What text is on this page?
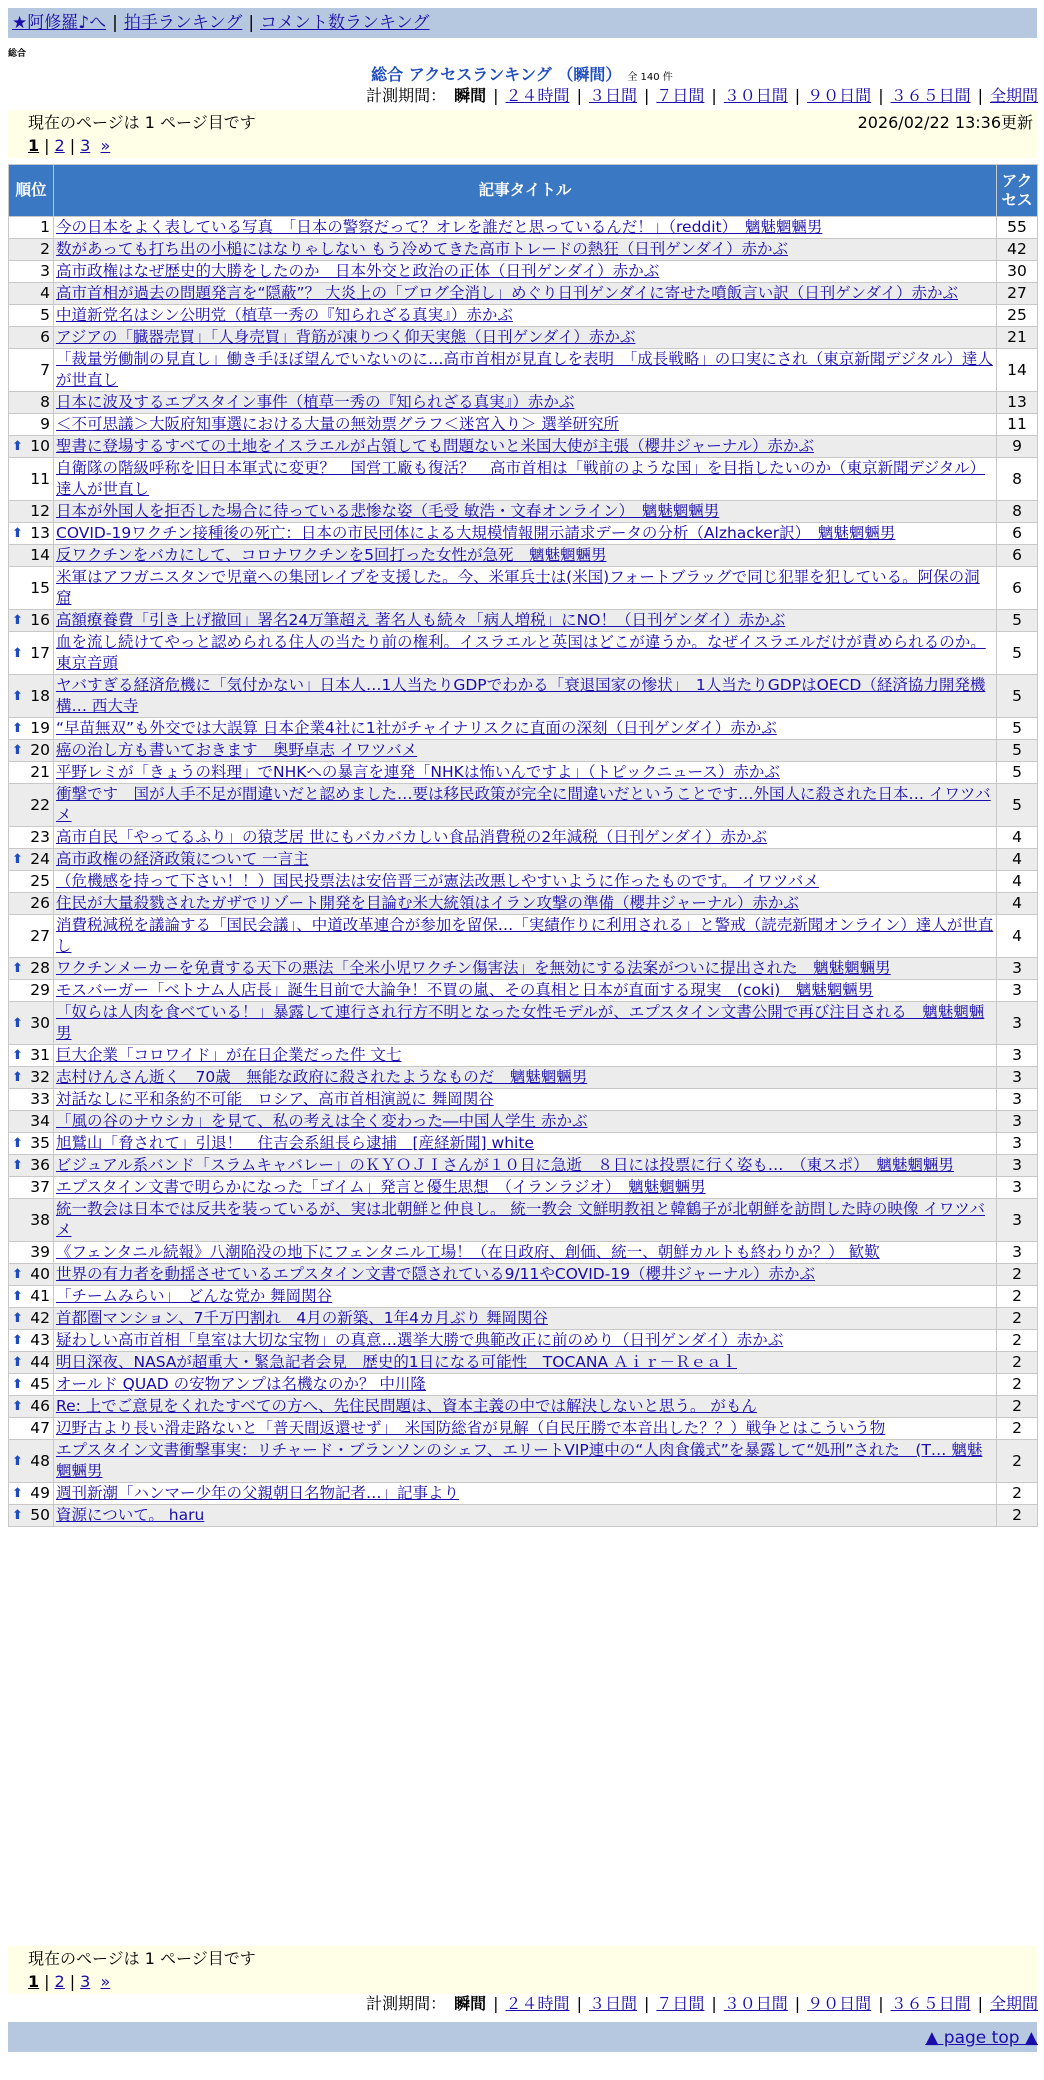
★阿修羅♪へ | 拍手ランキング | コメント数ランキング
総合
総合 アクセスランキング （瞬間） 全 140 件
計測期間： 瞬間 | ２４時間 | ３日間 | ７日間 | ３０日間 | ９０日間 | ３６５日間 | 全期間
現在のページは 1 ページ目です	2026/02/22 13:36更新
1 | 2 | 3 »
順位	記事タイトル	アクセス
1	今の日本をよく表している写真　「日本の警察だって？オレを誰だと思っているんだ！」（reddit）　魑魅魍魎男	55
2	数があっても打ち出の小槌にはなりゃしない もう冷めてきた高市トレードの熱狂（日刊ゲンダイ）赤かぶ	42
3	高市政権はなぜ歴史的大勝をしたのか　日本外交と政治の正体（日刊ゲンダイ）赤かぶ	30
4	高市首相が過去の問題発言を“隠蔽”？ 大炎上の「ブログ全消し」めぐり日刊ゲンダイに寄せた噴飯言い訳（日刊ゲンダイ）赤かぶ	27
5	中道新党名はシン公明党（植草一秀の『知られざる真実』）赤かぶ	25
6	アジアの「臓器売買」「人身売買」背筋が凍りつく仰天実態（日刊ゲンダイ）赤かぶ	21
7	「裁量労働制の見直し」働き手ほぼ望んでいないのに…高市首相が見直しを表明　「成長戦略」の口実にされ（東京新聞デジタル）達人が世直し	14
8	日本に波及するエプスタイン事件（植草一秀の『知られざる真実』）赤かぶ	13
9	＜不可思議＞大阪府知事選における大量の無効票グラフ＜迷宮入り＞ 選挙研究所	11

⬆ 10	聖書に登場するすべての土地をイスラエルが占領しても問題ないと米国大使が主張（櫻井ジャーナル）赤かぶ	9
11	自衛隊の階級呼称を旧日本軍式に変更？　国営工廠も復活？　高市首相は「戦前のような国」を目指したいのか（東京新聞デジタル）達人が世直し	8
12	日本が外国人を拒否した場合に待っている悲惨な姿（毛受 敏浩・文春オンライン）　魑魅魍魎男	8

⬆ 13	COVID-19ワクチン接種後の死亡：日本の市民団体による大規模情報開示請求データの分析（Alzhacker訳）　魑魅魍魎男	6
14	反ワクチンをバカにして、コロナワクチンを5回打った女性が急死　魑魅魍魎男	6
15	米軍はアフガニスタンで児童への集団レイプを支援した。今、米軍兵士は(米国)フォートブラッグで同じ犯罪を犯している。阿保の洞窟	6

⬆ 16	高額療養費「引き上げ撤回」署名24万筆超え 著名人も続々「病人増税」にNO！（日刊ゲンダイ）赤かぶ	5

⬆ 17	血を流し続けてやっと認められる住人の当たり前の権利。イスラエルと英国はどこが違うか。なぜイスラエルだけが責められるのか。 東京音頭	5

⬆ 18	ヤバすぎる経済危機に「気付かない」日本人…1人当たりGDPでわかる「衰退国家の惨状」　1人当たりGDPはOECD（経済協力開発機構… 西大寺	5

⬆ 19	“早苗無双”も外交では大誤算 日本企業4社に1社がチャイナリスクに直面の深刻（日刊ゲンダイ）赤かぶ	5

⬆ 20	癌の治し方も書いておきます　奥野卓志 イワツバメ	5
21	平野レミが「きょうの料理」でNHKへの暴言を連発「NHKは怖いんですよ」（トピックニュース）赤かぶ	5
22	衝撃です　国が人手不足が間違いだと認めました…要は移民政策が完全に間違いだということです…外国人に殺された日本… イワツバメ	5
23	高市自民「やってるふり」の猿芝居 世にもバカバカしい食品消費税の2年減税（日刊ゲンダイ）赤かぶ	4

⬆ 24	高市政権の経済政策について 一言主	4
25	（危機感を持って下さい！！）国民投票法は安倍晋三が憲法改悪しやすいように作ったものです。 イワツバメ	4
26	住民が大量殺戮されたガザでリゾート開発を目論む米大統領はイラン攻撃の準備（櫻井ジャーナル）赤かぶ	4
27	消費税減税を議論する「国民会議」、中道改革連合が参加を留保…「実績作りに利用される」と警戒（読売新聞オンライン）達人が世直し	4

⬆ 28	ワクチンメーカーを免責する天下の悪法「全米小児ワクチン傷害法」を無効にする法案がついに提出された　魑魅魍魎男	3
29	モスバーガー「ベトナム人店長」誕生目前で大論争！不買の嵐、その真相と日本が直面する現実　(coki)　魑魅魍魎男	3

⬆ 30	「奴らは人肉を食べている！」暴露して連行され行方不明となった女性モデルが、エプスタイン文書公開で再び注目される　魑魅魍魎男	3

⬆ 31	巨大企業「コロワイド」が在日企業だった件 文七	3

⬆ 32	志村けんさん逝く　70歳　無能な政府に殺されたようなものだ　魑魅魍魎男	3
33	対話なしに平和条約不可能　ロシア、高市首相演説に 舞岡関谷	3
34	「風の谷のナウシカ」を見て、私の考えは全く変わった―中国人学生 赤かぶ	3

⬆ 35	旭鷲山「脅されて」引退！　住吉会系組長ら逮捕　[産経新聞] white	3

⬆ 36	ビジュアル系バンド「スラムキャバレー」のＫＹＯＪＩさんが１０日に急逝　８日には投票に行く姿も…　（東スポ）　魑魅魍魎男	3
37	エプスタイン文書で明らかになった「ゴイム」発言と優生思想　（イランラジオ）　魑魅魍魎男	3
38	統一教会は日本では反共を装っているが、実は北朝鮮と仲良し。 統一教会 文鮮明教祖と韓鶴子が北朝鮮を訪問した時の映像 イワツバメ	3
39	《フェンタニル続報》八潮陥没の地下にフェンタニル工場！（在日政府、創価、統一、朝鮮カルトも終わりか？） 歓歎	3

⬆ 40	世界の有力者を動揺させているエプスタイン文書で隠されている9/11やCOVID-19（櫻井ジャーナル）赤かぶ	2

⬆ 41	「チームみらい」　どんな党か 舞岡関谷	2

⬆ 42	首都圏マンション、7千万円割れ　4月の新築、1年4カ月ぶり 舞岡関谷	2

⬆ 43	疑わしい高市首相「皇室は大切な宝物」の真意…選挙大勝で典範改正に前のめり（日刊ゲンダイ）赤かぶ	2

⬆ 44	明日深夜、NASAが超重大・緊急記者会見　歴史的1日になる可能性　TOCANA Ａｉｒ－Ｒｅａｌ	2

⬆ 45	オールド QUAD の安物アンプは名機なのか？ 中川隆	2

⬆ 46	Re: 上でご意見をくれたすべての方へ、先住民問題は、資本主義の中では解決しないと思う。 がもん	2
47	辺野古より長い滑走路ないと「普天間返還せず」　米国防総省が見解（自民圧勝で本音出した？？）戦争とはこういう物	2

⬆ 48	エプスタイン文書衝撃事実：リチャード・ブランソンのシェフ、エリートVIP連中の“人肉食儀式”を暴露して“処刑”された　(T… 魑魅魍魎男	2

⬆ 49	週刊新潮「ハンマー少年の父親朝日名物記者…」記事より	2

⬆ 50	資源について。 haru	2
現在のページは 1 ページ目です
1 | 2 | 3 »
計測期間： 瞬間 | ２４時間 | ３日間 | ７日間 | ３０日間 | ９０日間 | ３６５日間 | 全期間
▲ page top ▲
